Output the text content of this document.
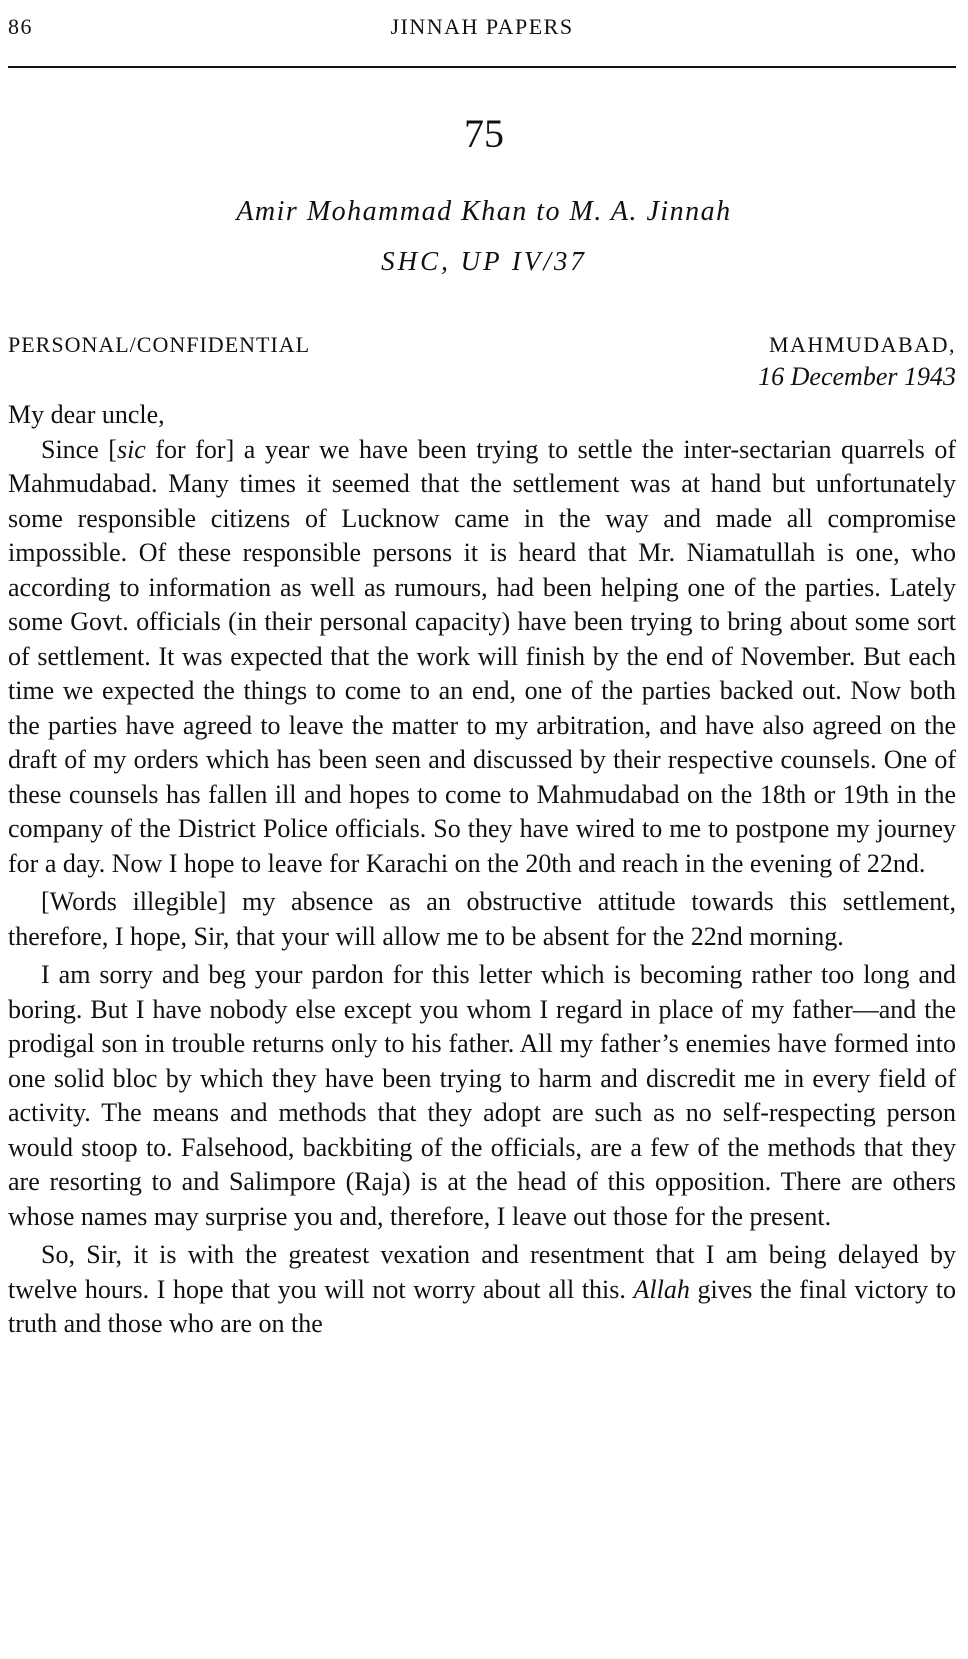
86	JINNAH PAPERS
75
Amir Mohammad Khan to M. A. Jinnah
SHC, UP IV/37
PERSONAL/CONFIDENTIAL	MAHMUDABAD,
16 December 1943

My dear uncle,

Since [sic for for] a year we have been trying to settle the inter-sectarian quarrels of Mahmudabad. Many times it seemed that the settlement was at hand but unfortunately some responsible citizens of Lucknow came in the way and made all compromise impossible. Of these responsible persons it is heard that Mr. Niamatullah is one, who according to information as well as rumours, had been helping one of the parties. Lately some Govt. officials (in their personal capacity) have been trying to bring about some sort of settlement. It was expected that the work will finish by the end of November. But each time we expected the things to come to an end, one of the parties backed out. Now both the parties have agreed to leave the matter to my arbitration, and have also agreed on the draft of my orders which has been seen and discussed by their respective counsels. One of these counsels has fallen ill and hopes to come to Mahmudabad on the 18th or 19th in the company of the District Police officials. So they have wired to me to postpone my journey for a day. Now I hope to leave for Karachi on the 20th and reach in the evening of 22nd.

[Words illegible] my absence as an obstructive attitude towards this settlement, therefore, I hope, Sir, that your will allow me to be absent for the 22nd morning.

I am sorry and beg your pardon for this letter which is becoming rather too long and boring. But I have nobody else except you whom I regard in place of my father—and the prodigal son in trouble returns only to his father. All my father’s enemies have formed into one solid bloc by which they have been trying to harm and discredit me in every field of activity. The means and methods that they adopt are such as no self-respecting person would stoop to. Falsehood, backbiting of the officials, are a few of the methods that they are resorting to and Salimpore (Raja) is at the head of this opposition. There are others whose names may surprise you and, therefore, I leave out those for the present.

So, Sir, it is with the greatest vexation and resentment that I am being delayed by twelve hours. I hope that you will not worry about all this. Allah gives the final victory to truth and those who are on the
